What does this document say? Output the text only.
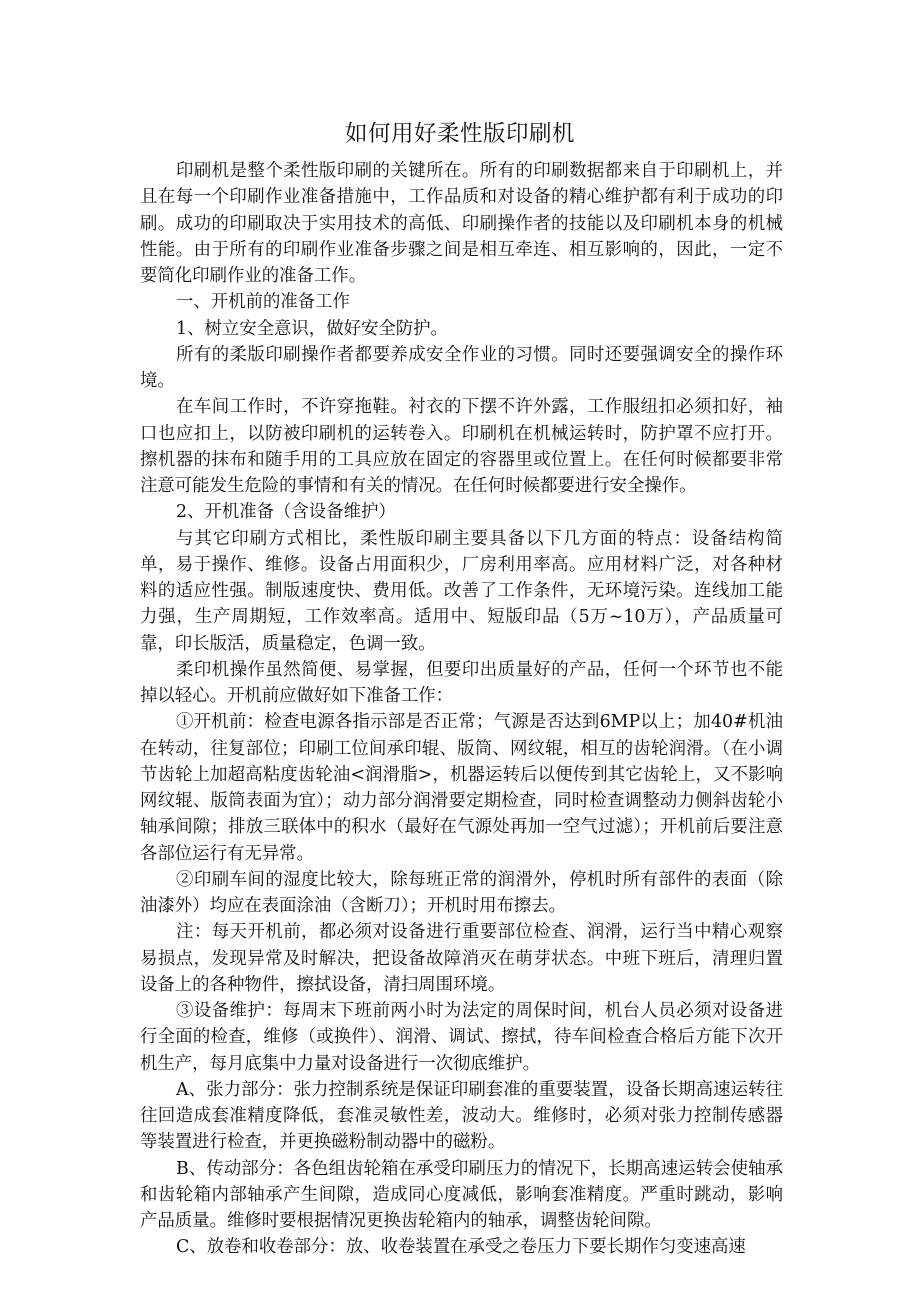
如何用好柔性版印刷机

印刷机是整个柔性版印刷的关键所在。所有的印刷数据都来自于印刷机上，并且在每一个印刷作业准备措施中，工作品质和对设备的精心维护都有利于成功的印刷。成功的印刷取决于实用技术的高低、印刷操作者的技能以及印刷机本身的机械性能。由于所有的印刷作业准备步骤之间是相互牵连、相互影响的，因此，一定不要简化印刷作业的准备工作。

一、开机前的准备工作

1、树立安全意识，做好安全防护。

所有的柔版印刷操作者都要养成安全作业的习惯。同时还要强调安全的操作环境。

在车间工作时，不许穿拖鞋。衬衣的下摆不许外露，工作服纽扣必须扣好，袖口也应扣上，以防被印刷机的运转卷入。印刷机在机械运转时，防护罩不应打开。擦机器的抹布和随手用的工具应放在固定的容器里或位置上。在任何时候都要非常注意可能发生危险的事情和有关的情况。在任何时候都要进行安全操作。

2、开机准备（含设备维护）

与其它印刷方式相比，柔性版印刷主要具备以下几方面的特点：设备结构简单，易于操作、维修。设备占用面积少，厂房利用率高。应用材料广泛，对各种材料的适应性强。制版速度快、费用低。改善了工作条件，无环境污染。连线加工能力强，生产周期短，工作效率高。适用中、短版印品（5万~10万），产品质量可靠，印长版活，质量稳定，色调一致。

柔印机操作虽然简便、易掌握，但要印出质量好的产品，任何一个环节也不能掉以轻心。开机前应做好如下准备工作：

①开机前：检查电源各指示部是否正常；气源是否达到6MP以上；加40#机油在转动，往复部位；印刷工位间承印辊、版筒、网纹辊，相互的齿轮润滑。（在小调节齿轮上加超高粘度齿轮油<润滑脂>，机器运转后以便传到其它齿轮上，又不影响网纹辊、版筒表面为宜）；动力部分润滑要定期检查，同时检查调整动力侧斜齿轮小轴承间隙；排放三联体中的积水（最好在气源处再加一空气过滤）；开机前后要注意各部位运行有无异常。

②印刷车间的湿度比较大，除每班正常的润滑外，停机时所有部件的表面（除油漆外）均应在表面涂油（含断刀）；开机时用布擦去。

注：每天开机前，都必须对设备进行重要部位检查、润滑，运行当中精心观察易损点，发现异常及时解决，把设备故障消灭在萌芽状态。中班下班后，清理归置设备上的各种物件，擦拭设备，清扫周围环境。

③设备维护：每周末下班前两小时为法定的周保时间，机台人员必须对设备进行全面的检查，维修（或换件）、润滑、调试、擦拭，待车间检查合格后方能下次开机生产，每月底集中力量对设备进行一次彻底维护。

A、张力部分：张力控制系统是保证印刷套准的重要装置，设备长期高速运转往往回造成套准精度降低，套准灵敏性差，波动大。维修时，必须对张力控制传感器等装置进行检查，并更换磁粉制动器中的磁粉。

B、传动部分：各色组齿轮箱在承受印刷压力的情况下，长期高速运转会使轴承和齿轮箱内部轴承产生间隙，造成同心度减低，影响套准精度。严重时跳动，影响产品质量。维修时要根据情况更换齿轮箱内的轴承，调整齿轮间隙。

C、放卷和收卷部分：放、收卷装置在承受之卷压力下要长期作匀变速高速
